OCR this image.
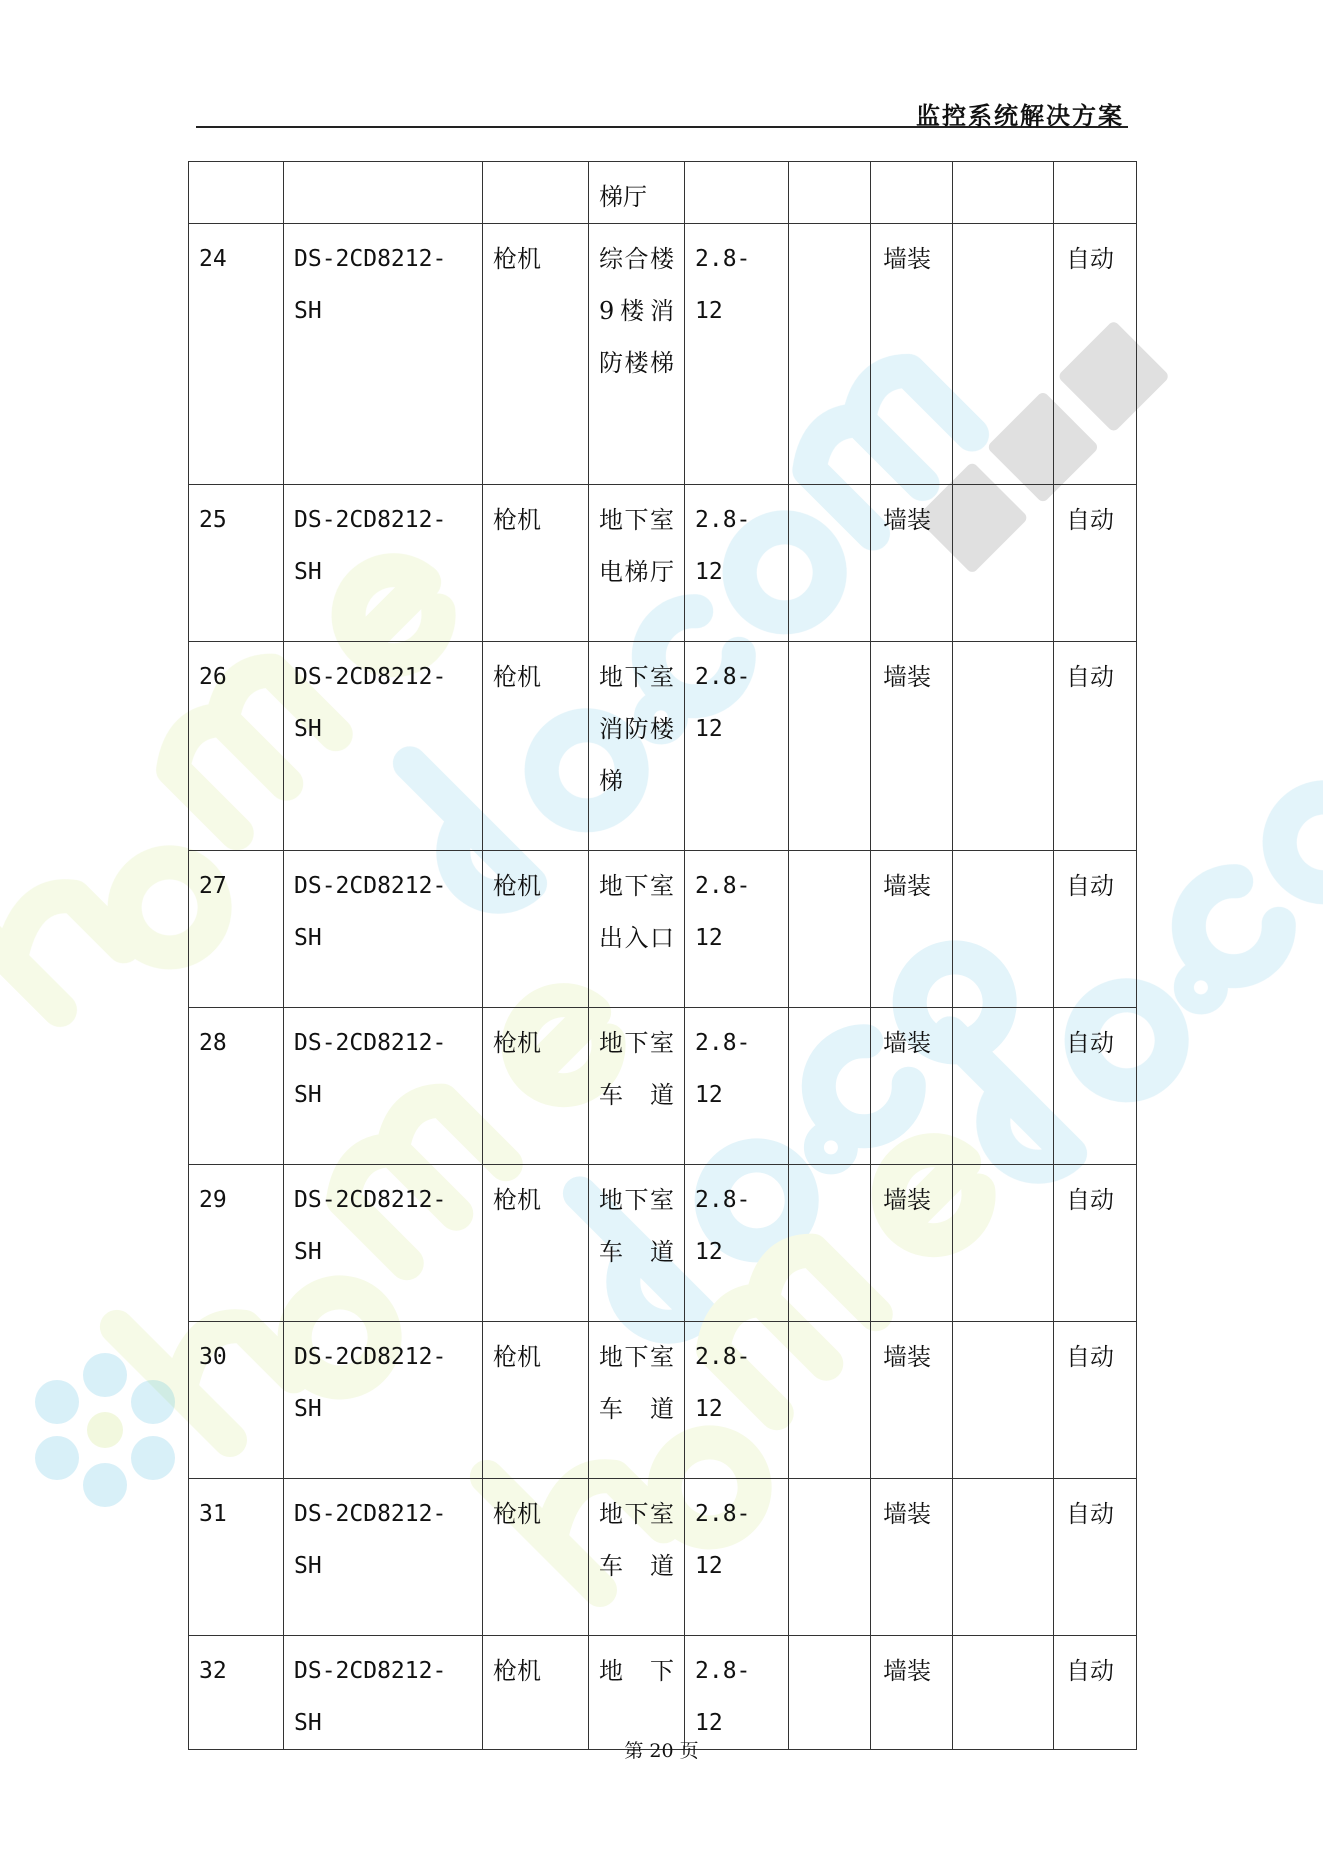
监控系统解决方案
			梯厅					
24	DS-2CD8212-SH	枪机	综合楼9楼消防楼梯	2.8-12		墙装		自动
25	DS-2CD8212-SH	枪机	地下室电梯厅	2.8-12		墙装		自动
26	DS-2CD8212-SH	枪机	地下室消防楼梯	2.8-12		墙装		自动
27	DS-2CD8212-SH	枪机	地下室出入口	2.8-12		墙装		自动
28	DS-2CD8212-SH	枪机	地下室车道	2.8-12		墙装		自动
29	DS-2CD8212-SH	枪机	地下室车道	2.8-12		墙装		自动
30	DS-2CD8212-SH	枪机	地下室车道	2.8-12		墙装		自动
31	DS-2CD8212-SH	枪机	地下室车道	2.8-12		墙装		自动
32	DS-2CD8212-SH	枪机	地下	2.8-12		墙装		自动
第 20 页
